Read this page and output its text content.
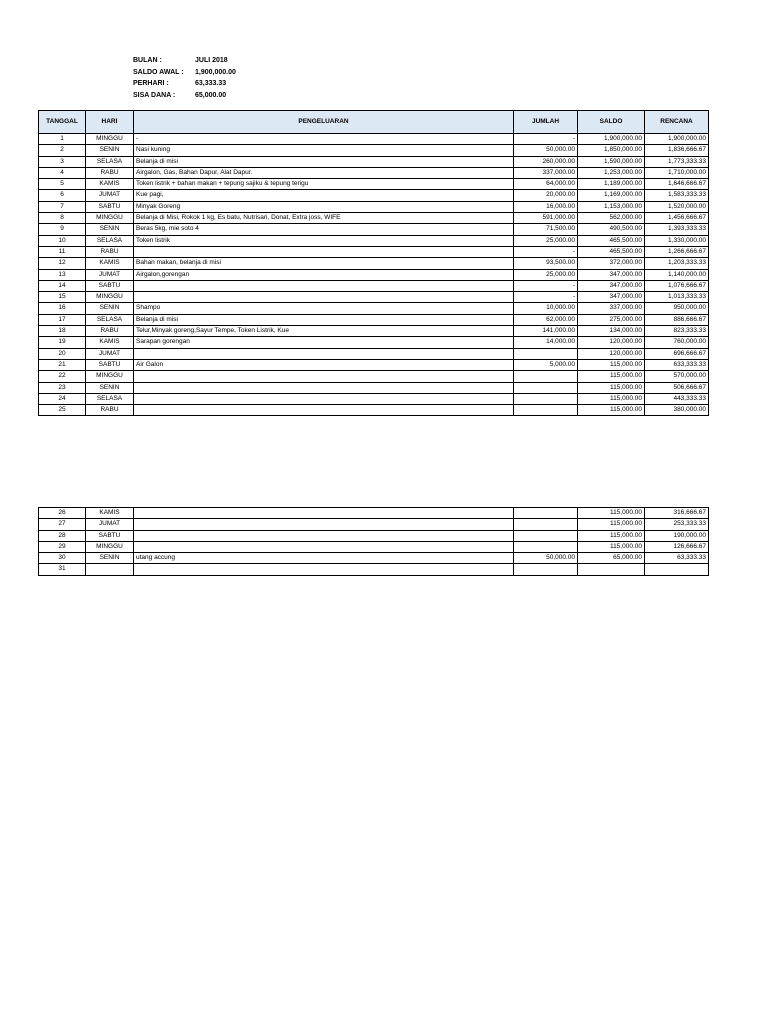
BULAN :	JULI 2018
SALDO AWAL : 1,900,000.00
PERHARI :	63,333.33
SISA DANA :	65,000.00
TANGGAL	HARI	PENGELUARAN	JUMLAH	SALDO	RENCANA
1	MINGGU	-	-	1,900,000.00	1,900,000.00
2	SENIN	Nasi kuning	50,000.00	1,850,000.00	1,836,666.67
3	SELASA	Belanja di misi	260,000.00	1,590,000.00	1,773,333.33
4	RABU	Airgalon, Gas, Bahan Dapur, Alat Dapur.	337,000.00	1,253,000.00	1,710,000.00
5	KAMIS	Token listrik + bahan makan + tepung sajiku & tepung terigu	64,000.00	1,189,000.00	1,646,666.67
6	JUMAT	Kue pagi,	20,000.00	1,169,000.00	1,583,333.33
7	SABTU	Minyak Goreng	16,000.00	1,153,000.00	1,520,000.00
8	MINGGU	Belanja di Misi, Rokok 1 kg, Es batu, Nutrisari, Donat, Extra joss, WIFE	591,000.00	562,000.00	1,456,666.67
9	SENIN	Beras 5kg, mie soto 4	71,500.00	490,500.00	1,393,333.33
10	SELASA	Token listrik	25,000.00	465,500.00	1,330,000.00
11	RABU		-	465,500.00	1,266,666.67
12	KAMIS	Bahan makan, belanja di misi	93,500.00	372,000.00	1,203,333.33
13	JUMAT	Airgalon,gorengan	25,000.00	347,000.00	1,140,000.00
14	SABTU		-	347,000.00	1,076,666.67
15	MINGGU		-	347,000.00	1,013,333.33
16	SENIN	Shampo	10,000.00	337,000.00	950,000.00
17	SELASA	Belanja di misi	62,000.00	275,000.00	886,666.67
18	RABU	Telur,Minyak goreng,Sayur Tempe, Token Listrik, Kue	141,000.00	134,000.00	823,333.33
19	KAMIS	Sarapan gorengan	14,000.00	120,000.00	760,000.00
20	JUMAT			120,000.00	696,666.67
21	SABTU	Air Galon	5,000.00	115,000.00	633,333.33
22	MINGGU			115,000.00	570,000.00
23	SENIN			115,000.00	506,666.67
24	SELASA			115,000.00	443,333.33
25	RABU			115,000.00	380,000.00
26	KAMIS			115,000.00	316,666.67
27	JUMAT			115,000.00	253,333.33
28	SABTU			115,000.00	190,000.00
29	MINGGU			115,000.00	126,666.67
30	SENIN	utang accung	50,000.00	65,000.00	63,333.33
31					
